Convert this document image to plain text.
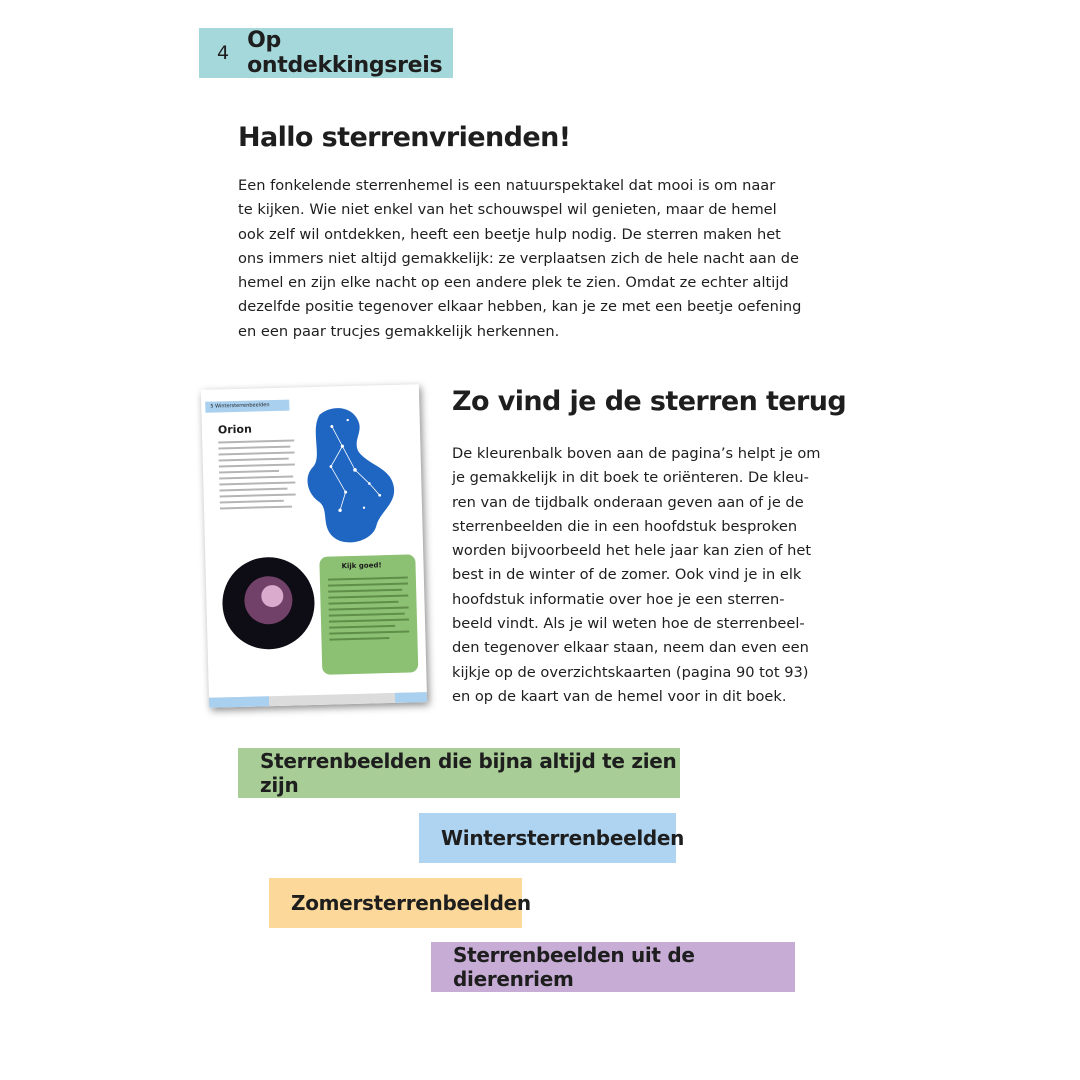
4 Op ontdekkingsreis
Hallo sterrenvrienden!

Een fonkelende sterrenhemel is een natuurspektakel dat mooi is om naar
te kijken. Wie niet enkel van het schouwspel wil genieten, maar de hemel
ook zelf wil ontdekken, heeft een beetje hulp nodig. De sterren maken het
ons immers niet altijd gemakkelijk: ze verplaatsen zich de hele nacht aan de
hemel en zijn elke nacht op een andere plek te zien. Omdat ze echter altijd
dezelfde positie tegenover elkaar hebben, kan je ze met een beetje oefening
en een paar trucjes gemakkelijk herkennen.

5 Wintersterrenbeelden
Orion
Kijk goed!
Zo vind je de sterren terug

De kleurenbalk boven aan de pagina’s helpt je om
je gemakkelijk in dit boek te oriënteren. De kleu-
ren van de tijdbalk onderaan geven aan of je de
sterrenbeelden die in een hoofdstuk besproken
worden bijvoorbeeld het hele jaar kan zien of het
best in de winter of de zomer. Ook vind je in elk
hoofdstuk informatie over hoe je een sterren-
beeld vindt. Als je wil weten hoe de sterrenbeel-
den tegenover elkaar staan, neem dan even een
kijkje op de overzichtskaarten (pagina 90 tot 93)
en op de kaart van de hemel voor in dit boek.

Sterrenbeelden die bijna altijd te zien zijn
Wintersterrenbeelden
Zomersterrenbeelden
Sterrenbeelden uit de dierenriem
